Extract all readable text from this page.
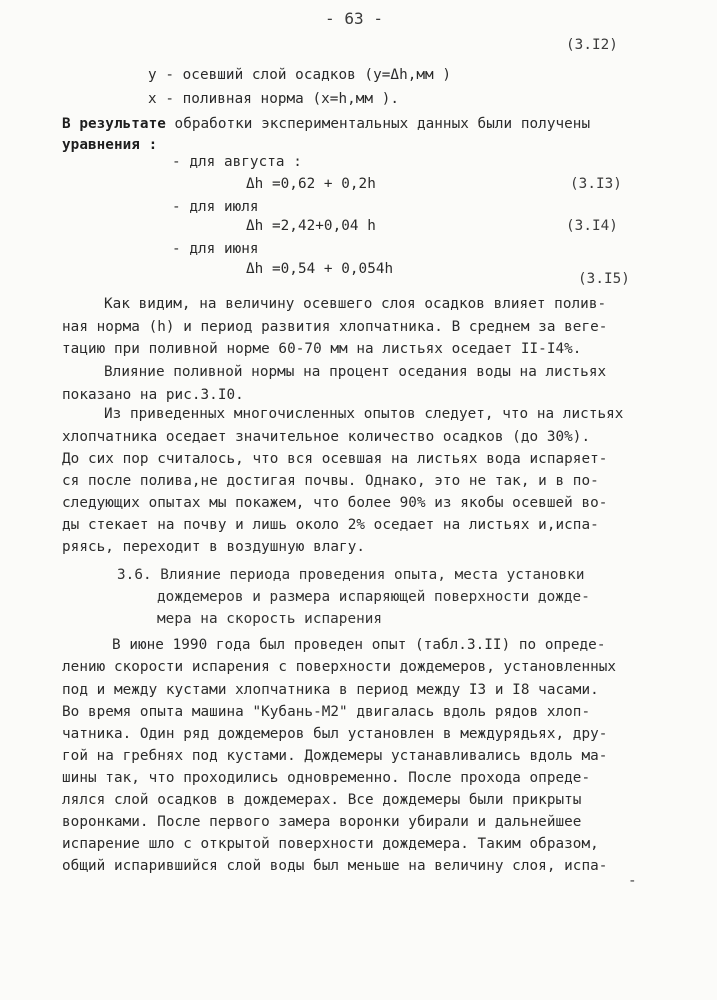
- 63 -
(3.I2)
y - осевший слой осадков (y=Δh,мм )
x - поливная норма (x=h,мм ).
В результате обработки экспериментальных данных были получены
уравнения :
- для августа :
Δh =0,62 + 0,2h	(3.I3)
- для июля
Δh =2,42+0,04 h	(3.I4)
- для июня
Δh =0,54 + 0,054h
(3.I5)
Как видим, на величину осевшего слоя осадков влияет полив-
ная норма (h) и период развития хлопчатника. В среднем за веге-
тацию при поливной норме 60-70 мм на листьях оседает II-I4%.
Влияние поливной нормы на процент оседания воды на листьях
показано на рис.3.I0.
Из приведенных многочисленных опытов следует, что на листьях
хлопчатника оседает значительное количество осадков (до 30%).
До сих пор считалось, что вся осевшая на листьях вода испаряет-
ся после полива,не достигая почвы. Однако, это не так, и в по-
следующих опытах мы покажем, что более 90% из якобы осевшей во-
ды стекает на почву и лишь около 2% оседает на листьях и,испа-
ряясь, переходит в воздушную влагу.
3.6. Влияние периода проведения опыта, места установки
дождемеров и размера испаряющей поверхности дожде-
мера на скорость испарения
В июне 1990 года был проведен опыт (табл.3.II) по опреде-
лению скорости испарения с поверхности дождемеров, установленных
под и между кустами хлопчатника в период между I3 и I8 часами.
Во время опыта машина "Кубань-М2" двигалась вдоль рядов хлоп-
чатника. Один ряд дождемеров был установлен в междурядьях, дру-
гой на гребнях под кустами. Дождемеры устанавливались вдоль ма-
шины так, что проходились одновременно. После прохода опреде-
лялся слой осадков в дождемерах. Все дождемеры были прикрыты
воронками. После первого замера воронки убирали и дальнейшее
испарение шло с открытой поверхности дождемера. Таким образом,
общий испарившийся слой воды был меньше на величину слоя, испа-
-
